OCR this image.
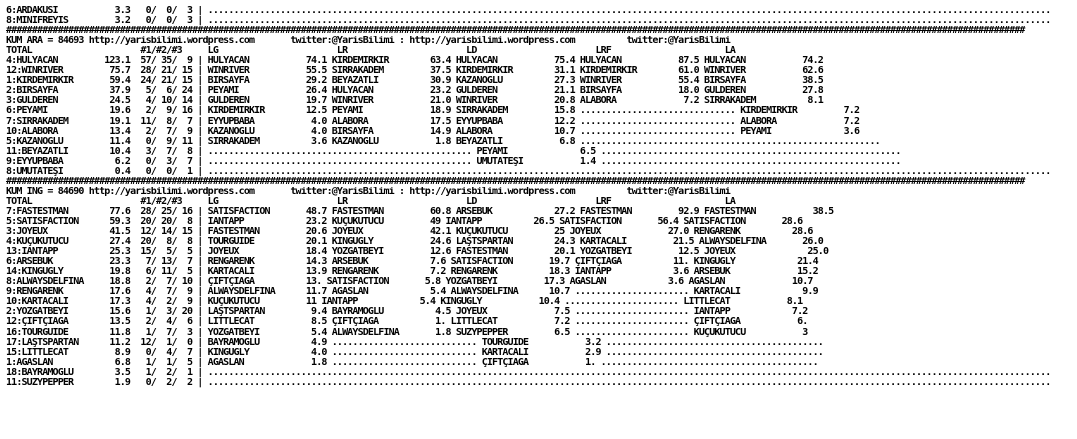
6:ARDAKUSİ           3.3   0/  0/  3 | ...................................................................................................................................................................
8:MİNİFREYİS         3.2   0/  0/  3 | ...................................................................................................................................................................
#####################################################################################################################################################################################################
KUM ARA = 84693 http://yarisbilimi.wordpress.com       twitter:@YarisBilimi : http://yarisbilimi.wordpress.com          twitter:@YarisBilimi
TOTAL                     #1/#2/#3     LG                       LR                       LD                       LRF                      LA
4:HÜLYACAN         123.1  57/ 35/  9 | HÜLYACAN           74.1 KIRDEMİRKIR        63.4 HÜLYACAN           75.4 HÜLYACAN           87.5 HÜLYACAN           74.2
12:WİNRİVER         75.7  28/ 21/ 15 | WİNRİVER           55.5 SIRRAKADEM         37.5 KIRDEMİRKIR        31.1 KIRDEMİRKIR        61.0 WİNRİVER           62.6
1:KIRDEMİRKIR       59.4  24/ 21/ 15 | BİRSAYFA           29.2 BEYAZATLI          30.9 KAZANOĞLU          27.3 WİNRİVER           55.4 BİRSAYFA           38.5
2:BİRSAYFA          37.9   5/  6/ 24 | PEYAMİ             26.4 HÜLYACAN           23.2 GÜLDEREN           21.1 BİRSAYFA           18.0 GÜLDEREN           27.8
3:GÜLDEREN          24.5   4/ 10/ 14 | GÜLDEREN           19.7 WİNRİVER           21.0 WİNRİVER           20.8 ALABORA             7.2 SIRRAKADEM          8.1
6:PEYAMİ            19.6   2/  9/ 16 | KIRDEMİRKIR        12.5 PEYAMİ             18.9 SIRRAKADEM         15.8 .............................. KIRDEMİRKIR         7.2
7:SIRRAKADEM        19.1  11/  8/  7 | EYYUPBABA           4.0 ALABORA            17.5 EYYUPBABA          12.2 .............................. ALABORA             7.2
10:ALABORA          13.4   2/  7/  9 | KAZANOĞLU           4.0 BİRSAYFA           14.9 ALABORA            10.7 .............................. PEYAMİ              3.6
5:KAZANOĞLU         11.4   0/  9/ 11 | SIRRAKADEM          3.6 KAZANOĞLU           1.8 BEYAZATLI           6.8 ..........................................................
11:BEYAZATLI        10.4   3/  7/  8 | ................................................... PEYAMİ              6.5 ..........................................................
9:EYYUPBABA          6.2   0/  3/  7 | ................................................... UMUTATEŞİ           1.4 ..........................................................
8:UMUTATEŞİ          0.4   0/  0/  1 | ...................................................................................................................................................................
#####################################################################################################################################################################################################
KUM İNG = 84690 http://yarisbilimi.wordpress.com       twitter:@YarisBilimi : http://yarisbilimi.wordpress.com          twitter:@YarisBilimi
TOTAL                     #1/#2/#3     LG                       LR                       LD                       LRF                      LA
7:FASTESTMAN        77.6  28/ 25/ 16 | SATISFACTION       48.7 FASTESTMAN         60.8 ARSEBÜK            27.2 FASTESTMAN         92.9 FASTESTMAN           38.5
5:SATISFACTION      59.3  20/ 20/  8 | İANTAPP            23.2 KÜÇÜKÜTÜCÜ         49 İANTAPP          26.5 SATISFACTION       56.4 SATISFACTION       28.6
3:JOYEUX            41.5  12/ 14/ 15 | FASTESTMAN         20.6 JOYEUX             42.1 KÜÇÜKÜTÜCÜ         25 JOYEUX             27.0 RENGARENK          28.6
4:KÜÇÜKÜTÜCÜ        27.4  20/  8/  8 | TOURGUIDE          20.1 KİNGUGLY           24.6 LAŞTSPARTAN        24.3 KARTACALI         21.5 ALWAYSDELFİNA       26.0
13:İANTAPP          25.3  15/  5/  5 | JOYEUX             18.4 YOZGATBEYİ         12.6 FASTESTMAN         20.1 YOZGATBEYİ         12.5 JOYEUX              25.0
6:ARSEBÜK           23.3   7/ 13/  7 | RENGARENK          14.3 ARSEBÜK            7.6 SATISFACTION       19.7 ÇİFTÇİAĞA          11. KİNGUGLY            21.4
14:KİNGUGLY         19.8   6/ 11/  5 | KARTACALI          13.9 RENGARENK          7.2 RENGARENK          18.3 İANTAPP            3.6 ARSEBÜK             15.2
8:ALWAYSDELFİNA     18.8   2/  7/ 10 | ÇİFTÇİAĞA          13. SATISFACTION       5.8 YOZGATBEYİ         17.3 AĞASLAN            3.6 AĞASLAN             10.7
9:RENGARENK         17.6   4/  7/  9 | ALWAYSDELFİNA      11.7 AĞASLAN            5.4 ALWAYSDELFİNA      10.7 ...................... KARTACALI            9.9
10:KARTACALI        17.3   4/  2/  9 | KÜÇÜKÜTÜCÜ         11 İANTAPP            5.4 KİNGUGLY           10.4 ...................... LİTTLECAT           8.1
2:YOZGATBEYİ        15.6   1/  3/ 20 | LAŞTSPARTAN         9.4 BAYRAMOĞLU          4.5 JOYEUX             7.5 ...................... İANTAPP            7.2
12:ÇİFTÇİAĞA        13.5   2/  4/  6 | LİTTLECAT           8.5 ÇİFTÇİAĞA           1. LİTTLECAT           7.2 ...................... ÇİFTÇİAĞA           6.
16:TOURGUIDE        11.8   1/  7/  3 | YOZGATBEYİ          5.4 ALWAYSDELFİNA       1.8 SUZYPEPPER         6.5 ...................... KÜÇÜKÜTÜCÜ           3
17:LAŞTSPARTAN      11.2  12/  1/  0 | BAYRAMOĞLU          4.9 ............................ TOURGUIDE           3.2 ..........................................
15:LİTTLECAT         8.9   0/  4/  7 | KİNGUGLY            4.0 ............................ KARTACALI           2.9 ..........................................
1:AĞASLAN            6.8   1/  1/  5 | AĞASLAN             1.8 ............................ ÇİFTÇİAĞA           1. ..........................................
18:BAYRAMOĞLU        3.5   1/  2/  1 | ...................................................................................................................................................................
11:SUZYPEPPER        1.9   0/  2/  2 | ...................................................................................................................................................................
